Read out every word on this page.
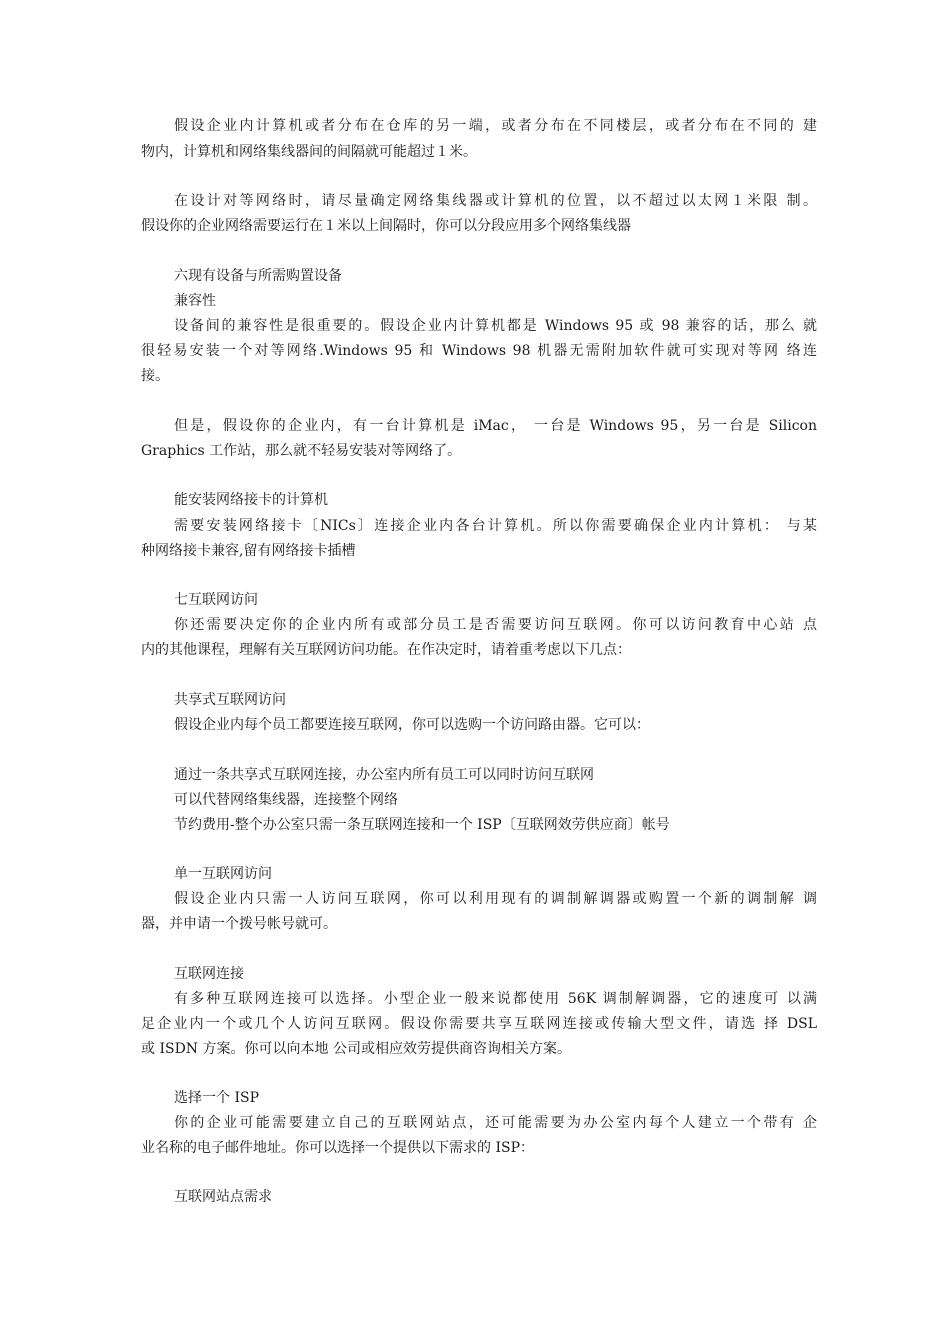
假设企业内计算机或者分布在仓库的另一端，或者分布在不同楼层，或者分布在不同的 建
物内，计算机和网络集线器间的间隔就可能超过１米。
在设计对等网络时，请尽量确定网络集线器或计算机的位置，以不超过以太网１米限 制。
假设你的企业网络需要运行在１米以上间隔时，你可以分段应用多个网络集线器
六现有设备与所需购置设备
兼容性
设备间的兼容性是很重要的。假设企业内计算机都是 Windows 95 或 98 兼容的话，那么 就
很轻易安装一个对等网络.Windows 95 和 Windows 98 机器无需附加软件就可实现对等网 络连
接。
但是，假设你的企业内，有一台计算机是 iMac， 一台是 Windows 95，另一台是 Silicon
Graphics 工作站，那么就不轻易安装对等网络了。
能安装网络接卡的计算机
需要安装网络接卡〔NICs〕连接企业内各台计算机。所以你需要确保企业内计算机： 与某
种网络接卡兼容,留有网络接卡插槽
七互联网访问
你还需要决定你的企业内所有或部分员工是否需要访问互联网。你可以访问教育中心站 点
内的其他课程，理解有关互联网访问功能。在作决定时，请着重考虑以下几点：
共享式互联网访问
假设企业内每个员工都要连接互联网，你可以选购一个访问路由器。它可以：
通过一条共享式互联网连接，办公室内所有员工可以同时访问互联网
可以代替网络集线器，连接整个网络
节约费用-整个办公室只需一条互联网连接和一个 ISP〔互联网效劳供应商〕帐号
单一互联网访问
假设企业内只需一人访问互联网，你可以利用现有的调制解调器或购置一个新的调制解 调
器，并申请一个拨号帐号就可。
互联网连接
有多种互联网连接可以选择。小型企业一般来说都使用 56K 调制解调器，它的速度可 以满
足企业内一个或几个人访问互联网。假设你需要共享互联网连接或传输大型文件，请选 择 DSL
或 ISDN 方案。你可以向本地 公司或相应效劳提供商咨询相关方案。
选择一个 ISP
你的企业可能需要建立自己的互联网站点，还可能需要为办公室内每个人建立一个带有 企
业名称的电子邮件地址。你可以选择一个提供以下需求的 ISP：
互联网站点需求
